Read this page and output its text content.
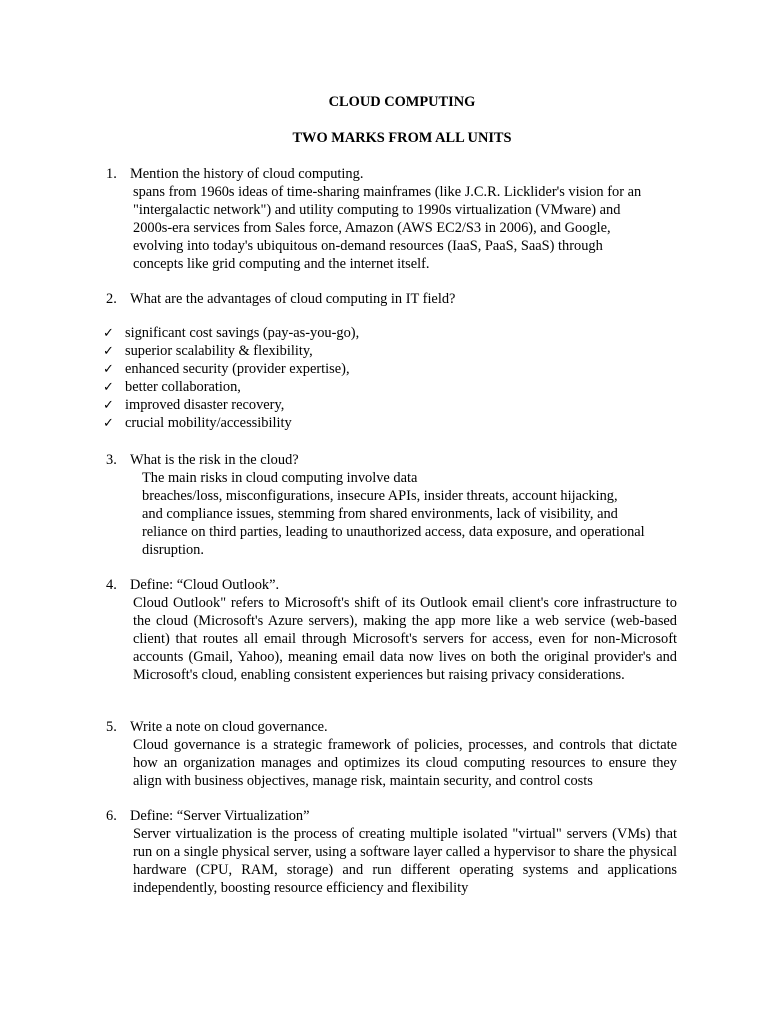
CLOUD COMPUTING
TWO MARKS FROM ALL UNITS
1. Mention the history of cloud computing.
spans from 1960s ideas of time-sharing mainframes (like J.C.R. Licklider's vision for an
"intergalactic network") and utility computing to 1990s virtualization (VMware) and
2000s-era services from Sales force, Amazon (AWS EC2/S3 in 2006), and Google,
evolving into today's ubiquitous on-demand resources (IaaS, PaaS, SaaS) through
concepts like grid computing and the internet itself.
2. What are the advantages of cloud computing in IT field?
✓ significant cost savings (pay-as-you-go),
✓ superior scalability & flexibility,
✓ enhanced security (provider expertise),
✓ better collaboration,
✓ improved disaster recovery,
✓ crucial mobility/accessibility
3. What is the risk in the cloud?
The main risks in cloud computing involve data
breaches/loss, misconfigurations, insecure APIs, insider threats, account hijacking,
and compliance issues, stemming from shared environments, lack of visibility, and
reliance on third parties, leading to unauthorized access, data exposure, and operational
disruption.
4. Define: “Cloud Outlook”.
Cloud Outlook" refers to Microsoft's shift of its Outlook email client's core infrastructure to the cloud (Microsoft's Azure servers), making the app more like a web service (web-based client) that routes all email through Microsoft's servers for access, even for non-Microsoft accounts (Gmail, Yahoo), meaning email data now lives on both the original provider's and Microsoft's cloud, enabling consistent experiences but raising privacy considerations.
5. Write a note on cloud governance.
Cloud governance is a strategic framework of policies, processes, and controls that dictate how an organization manages and optimizes its cloud computing resources to ensure they align with business objectives, manage risk, maintain security, and control costs
6. Define: “Server Virtualization”
Server virtualization is the process of creating multiple isolated "virtual" servers (VMs) that run on a single physical server, using a software layer called a hypervisor to share the physical hardware (CPU, RAM, storage) and run different operating systems and applications independently, boosting resource efficiency and flexibility
